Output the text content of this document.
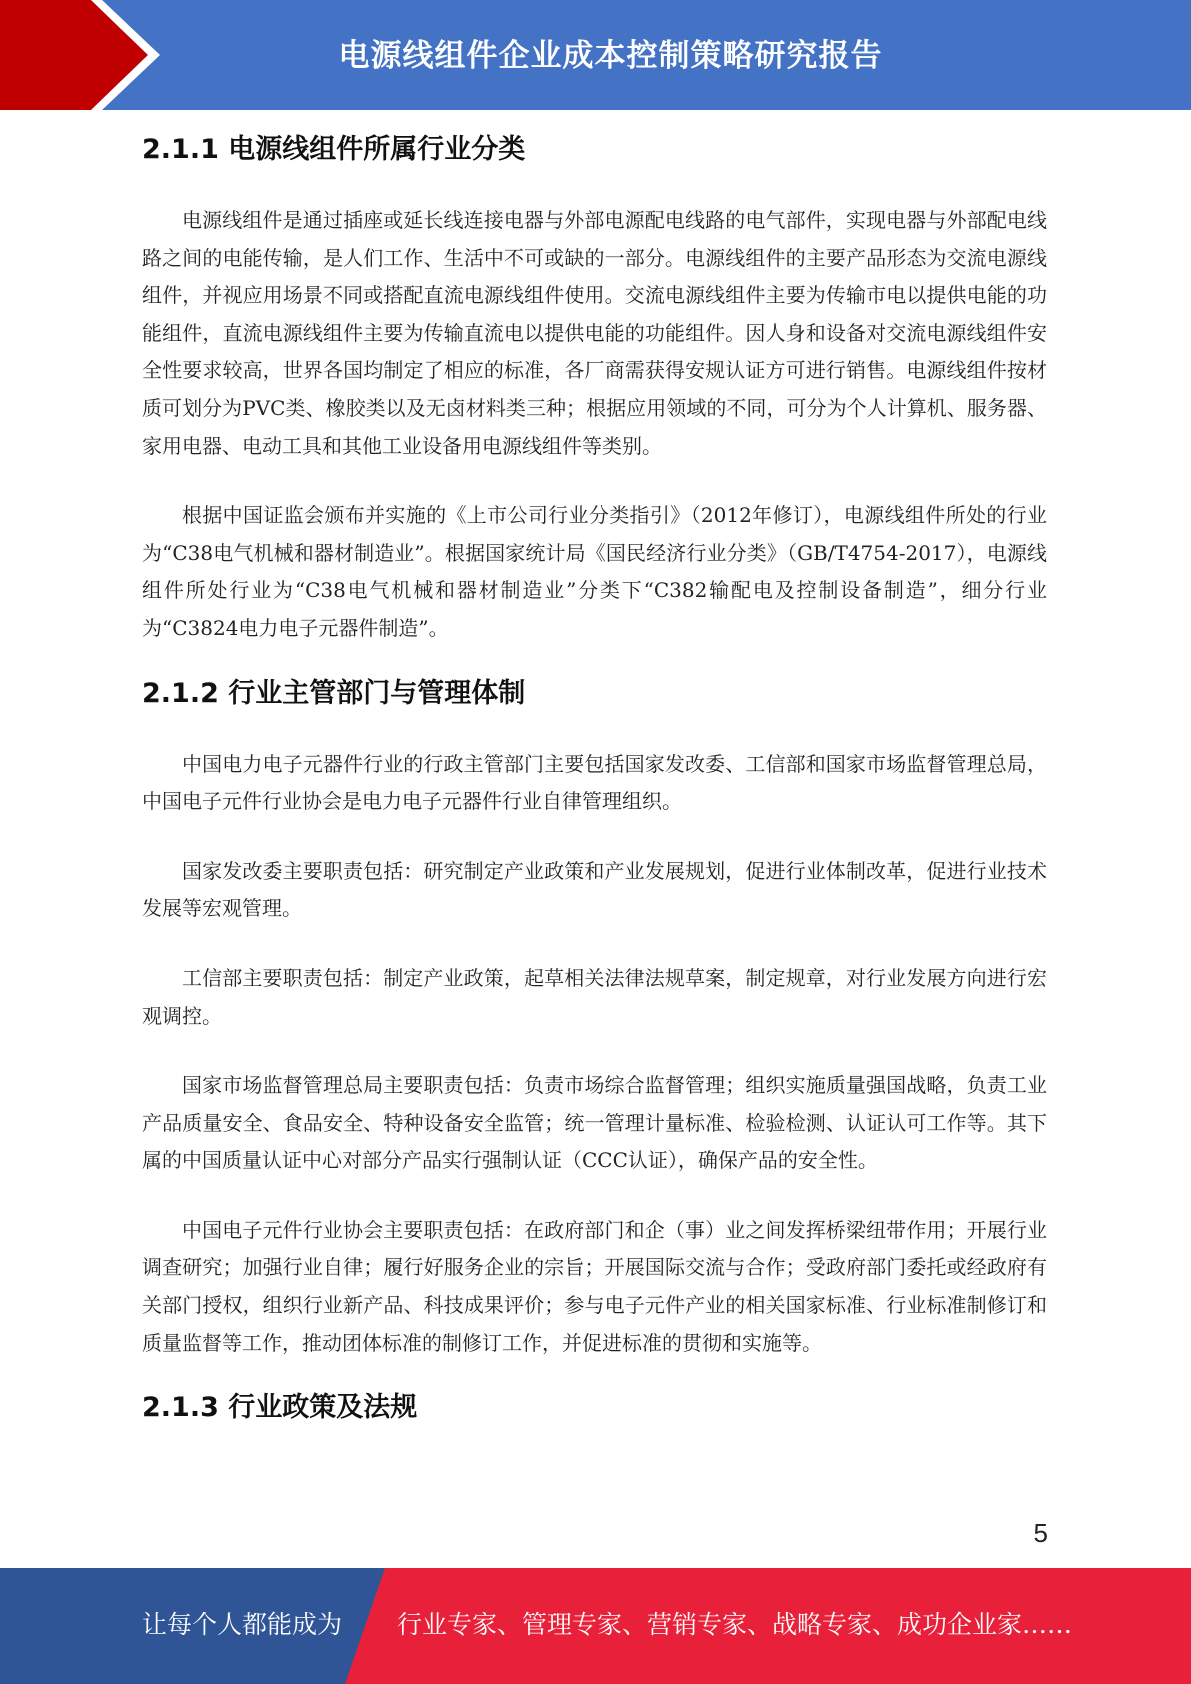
电源线组件企业成本控制策略研究报告
2.1.1 电源线组件所属行业分类

电源线组件是通过插座或延长线连接电器与外部电源配电线路的电气部件，实现电器与外部配电线路之间的电能传输，是人们工作、生活中不可或缺的一部分。电源线组件的主要产品形态为交流电源线组件，并视应用场景不同或搭配直流电源线组件使用。交流电源线组件主要为传输市电以提供电能的功能组件，直流电源线组件主要为传输直流电以提供电能的功能组件。因人身和设备对交流电源线组件安全性要求较高，世界各国均制定了相应的标准，各厂商需获得安规认证方可进行销售。电源线组件按材质可划分为PVC类、橡胶类以及无卤材料类三种；根据应用领域的不同，可分为个人计算机、服务器、家用电器、电动工具和其他工业设备用电源线组件等类别。

根据中国证监会颁布并实施的《上市公司行业分类指引》（2012年修订），电源线组件所处的行业为“C38电气机械和器材制造业”。根据国家统计局《国民经济行业分类》（GB/T4754-2017），电源线组件所处行业为“C38电气机械和器材制造业”分类下“C382输配电及控制设备制造”，细分行业为“C3824电力电子元器件制造”。

2.1.2 行业主管部门与管理体制

中国电力电子元器件行业的行政主管部门主要包括国家发改委、工信部和国家市场监督管理总局，中国电子元件行业协会是电力电子元器件行业自律管理组织。

国家发改委主要职责包括：研究制定产业政策和产业发展规划，促进行业体制改革，促进行业技术发展等宏观管理。

工信部主要职责包括：制定产业政策，起草相关法律法规草案，制定规章，对行业发展方向进行宏观调控。

国家市场监督管理总局主要职责包括：负责市场综合监督管理；组织实施质量强国战略，负责工业产品质量安全、食品安全、特种设备安全监管；统一管理计量标准、检验检测、认证认可工作等。其下属的中国质量认证中心对部分产品实行强制认证（CCC认证），确保产品的安全性。

中国电子元件行业协会主要职责包括：在政府部门和企（事）业之间发挥桥梁纽带作用；开展行业调查研究；加强行业自律；履行好服务企业的宗旨；开展国际交流与合作；受政府部门委托或经政府有关部门授权，组织行业新产品、科技成果评价；参与电子元件产业的相关国家标准、行业标准制修订和质量监督等工作，推动团体标准的制修订工作，并促进标准的贯彻和实施等。

2.1.3 行业政策及法规
5
让每个人都能成为 行业专家、管理专家、营销专家、战略专家、成功企业家……
